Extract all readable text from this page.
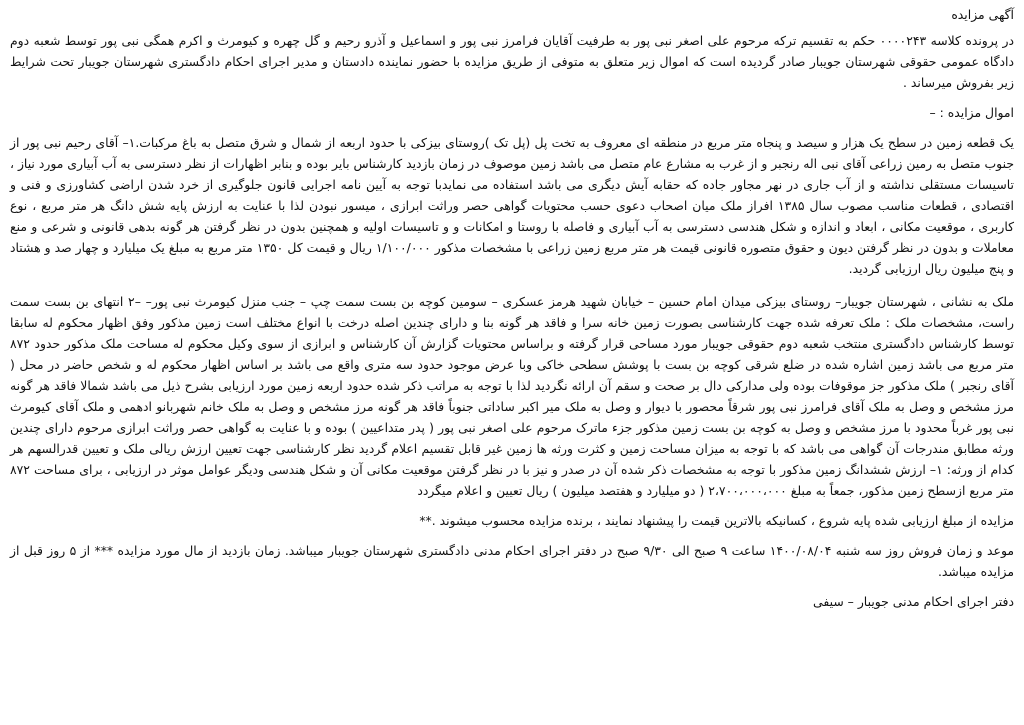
آگهی مزایده

در پرونده کلاسه ۰۰۰۰۲۴۳ حکم به تقسیم ترکه مرحوم علی اصغر نبی پور به طرفیت آقایان فرامرز نبی پور و اسماعیل و آذرو رحیم و گل چهره و کیومرث و اکرم همگی نبی پور توسط شعبه دوم دادگاه عمومی حقوقی شهرستان جویبار صادر گردیده است که اموال زیر متعلق به متوفی از طریق مزایده با حضور نماینده دادستان و مدیر اجرای احکام دادگستری شهرستان جویبار تحت شرایط زیر بفروش میرساند .

اموال مزایده : –

یک قطعه زمین در سطح یک هزار و سیصد و پنجاه متر مربع در منطقه ای معروف به تخت پل (پل تک )روستای بیزکی با حدود اربعه از شمال و شرق متصل به باغ مرکبات.۱– آقای رحیم نبی پور از جنوب متصل به رمین زراعی آقای نبی اله رنجبر و از غرب به مشارع عام متصل می باشد زمین موصوف در زمان بازدید کارشناس بایر بوده و بنابر اظهارات از نظر دسترسی به آب آبیاری مورد نیاز ، تاسیسات مستقلی نداشته و از آب جاری در نهر مجاور جاده که حقابه آیش دیگری می باشد استفاده می نمایدبا توجه به آیین نامه اجرایی قانون جلوگیری از خرد شدن اراضی کشاورزی و فنی و اقتصادی ، قطعات مناسب مصوب سال ۱۳۸۵ افراز ملک میان اصحاب دعوی حسب محتویات گواهی حصر وراثت ابرازی ، میسور نبودن لذا با عنایت به ارزش پایه شش دانگ هر متر مربع ، نوع کاربری ، موقعیت مکانی ، ابعاد و اندازه و شکل هندسی دسترسی به آب آبیاری و فاصله با روستا و امکانات و و تاسیسات اولیه و همچنین بدون در نظر گرفتن هر گونه بدهی قانونی و شرعی و منع معاملات و بدون در نظر گرفتن دیون و حقوق متصوره قانونی قیمت هر متر مربع زمین زراعی با مشخصات مذکور ۱/۱۰۰/۰۰۰ ریال و قیمت کل ۱۳۵۰ متر مربع به مبلغ یک میلیارد و چهار صد و هشتاد و پنج میلیون ریال ارزیابی گردید.

ملک به نشانی ، شهرستان جویبار– روستای بیزکی میدان امام حسین – خیابان شهید هرمز عسکری – سومین کوچه بن بست سمت چپ – جنب منزل کیومرث نبی پور– –۲ انتهای بن بست سمت راست، مشخصات ملک : ملک تعرفه شده جهت کارشناسی بصورت زمین خانه سرا و فاقد هر گونه بنا و دارای چندین اصله درخت با انواع مختلف است زمین مذکور وفق اظهار محکوم له سابقا توسط کارشناس دادگستری منتخب شعبه دوم حقوقی جویبار مورد مساحی قرار گرفته و براساس محتویات گزارش آن کارشناس و ابرازی از سوی وکیل محکوم له مساحت ملک مذکور حدود ۸۷۲ متر مربع می باشد زمین اشاره شده در ضلع شرقی کوچه بن بست با پوشش سطحی خاکی وبا عرض موجود حدود سه متری واقع می باشد بر اساس اظهار محکوم له و شخص حاضر در محل ( آقای رنجبر ) ملک مذکور جز موقوفات بوده ولی مدارکی دال بر صحت و سقم آن ارائه نگردید لذا با توجه به مراتب ذکر شده حدود اربعه زمین مورد ارزیابی بشرح ذیل می باشد شمالا فاقد هر گونه مرز مشخص و وصل به ملک آقای فرامرز نبی پور شرقاً محصور با دیوار و وصل به ملک میر اکبر ساداتی جنوباً فاقد هر گونه مرز مشخص و وصل به ملک خانم شهربانو ادهمی و ملک آقای کیومرث نبی پور غرباً محدود با مرز مشخص و وصل به کوچه بن بست زمین مذکور جزء ماترک مرحوم علی اصغر نبی پور ( پدر متداعیین ) بوده و با عنایت به گواهی حصر وراثت ابرازی مرحوم دارای چندین ورثه مطابق مندرجات آن گواهی می باشد که با توجه به میزان مساحت زمین و کثرت ورثه ها زمین غیر قابل تقسیم اعلام گردید نظر کارشناسی جهت تعیین ارزش ریالی ملک و تعیین قدرالسهم هر کدام از ورثه: ۱– ارزش ششدانگ زمین مذکور با توجه به مشخصات ذکر شده آن در صدر و نیز با در نظر گرفتن موقعیت مکانی آن و شکل هندسی ودیگر عوامل موثر در ارزیابی ، برای مساحت ۸۷۲ متر مربع ازسطح زمین مذکور، جمعاً به مبلغ ۲،۷۰۰،۰۰۰،۰۰۰ ( دو میلیارد و هفتصد میلیون ) ریال تعیین و اعلام میگردد

مزایده از مبلغ ارزیابی شده پایه شروع ، کسانیکه بالاترین قیمت را پیشنهاد نمایند ، برنده مزایده محسوب میشوند .**

موعد و زمان فروش روز سه شنبه ۱۴۰۰/۰۸/۰۴ ساعت ۹ صبح الی ۹/۳۰ صبح در دفتر اجرای احکام مدنی دادگستری شهرستان جویبار میباشد. زمان بازدید از مال مورد مزایده *** از ۵ روز قبل از مزایده میباشد.

دفتر اجرای احکام مدنی جویبار – سیفی
